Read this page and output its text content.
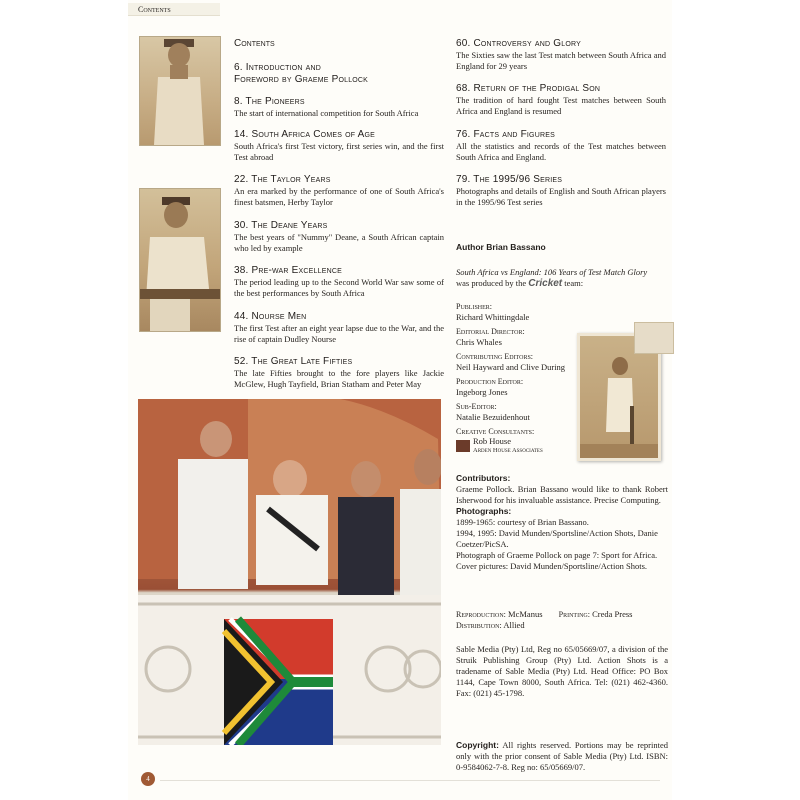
Contents
Contents
6. Introduction and
Foreword by Graeme Pollock
8. The Pioneers
The start of international competition for South Africa
14. South Africa Comes of Age
South Africa's first Test victory, first series win, and the first Test abroad
22. The Taylor Years
An era marked by the performance of one of South Africa's finest batsmen, Herby Taylor
30. The Deane Years
The best years of "Nummy" Deane, a South African captain who led by example
38. Pre-war Excellence
The period leading up to the Second World War saw some of the best performances by South Africa
44. Nourse Men
The first Test after an eight year lapse due to the War, and the rise of captain Dudley Nourse
52. The Great Late Fifties
The late Fifties brought to the fore players like Jackie McGlew, Hugh Tayfield, Brian Statham and Peter May
60. Controversy and Glory
The Sixties saw the last Test match between South Africa and England for 29 years
68. Return of the Prodigal Son
The tradition of hard fought Test matches between South Africa and England is resumed
76. Facts and Figures
All the statistics and records of the Test matches between South Africa and England.
79. The 1995/96 Series
Photographs and details of English and South African players in the 1995/96 Test series
Author Brian Bassano
South Africa vs England: 106 Years of Test Match Glory
was produced by the Cricket team:
Publisher:
Richard Whittingdale
Editorial Director:
Chris Whales
Contributing Editors:
Neil Hayward and Clive During
Production Editor:
Ingeborg Jones
Sub-Editor:
Natalie Bezuidenhout
Creative Consultants:
Rob House
Arden House Associates
Contributors:
Graeme Pollock. Brian Bassano would like to thank Robert Isherwood for his invaluable assistance. Precise Computing.
Photographs:
1899-1965: courtesy of Brian Bassano.
1994, 1995: David Munden/Sportsline/Action Shots, Danie Coetzer/PicSA.
Photograph of Graeme Pollock on page 7: Sport for Africa.
Cover pictures: David Munden/Sportsline/Action Shots.
Reproduction: McManus Printing: Creda Press
Distribution: Allied
Sable Media (Pty) Ltd, Reg no 65/05669/07, a division of the Struik Publishing Group (Pty) Ltd. Action Shots is a tradename of Sable Media (Pty) Ltd. Head Office: PO Box 1144, Cape Town 8000, South Africa. Tel: (021) 462-4360. Fax: (021) 45-1798.
Copyright: All rights reserved. Portions may be reprinted only with the prior consent of Sable Media (Pty) Ltd. ISBN: 0-9584062-7-8. Reg no: 65/05669/07.
4
